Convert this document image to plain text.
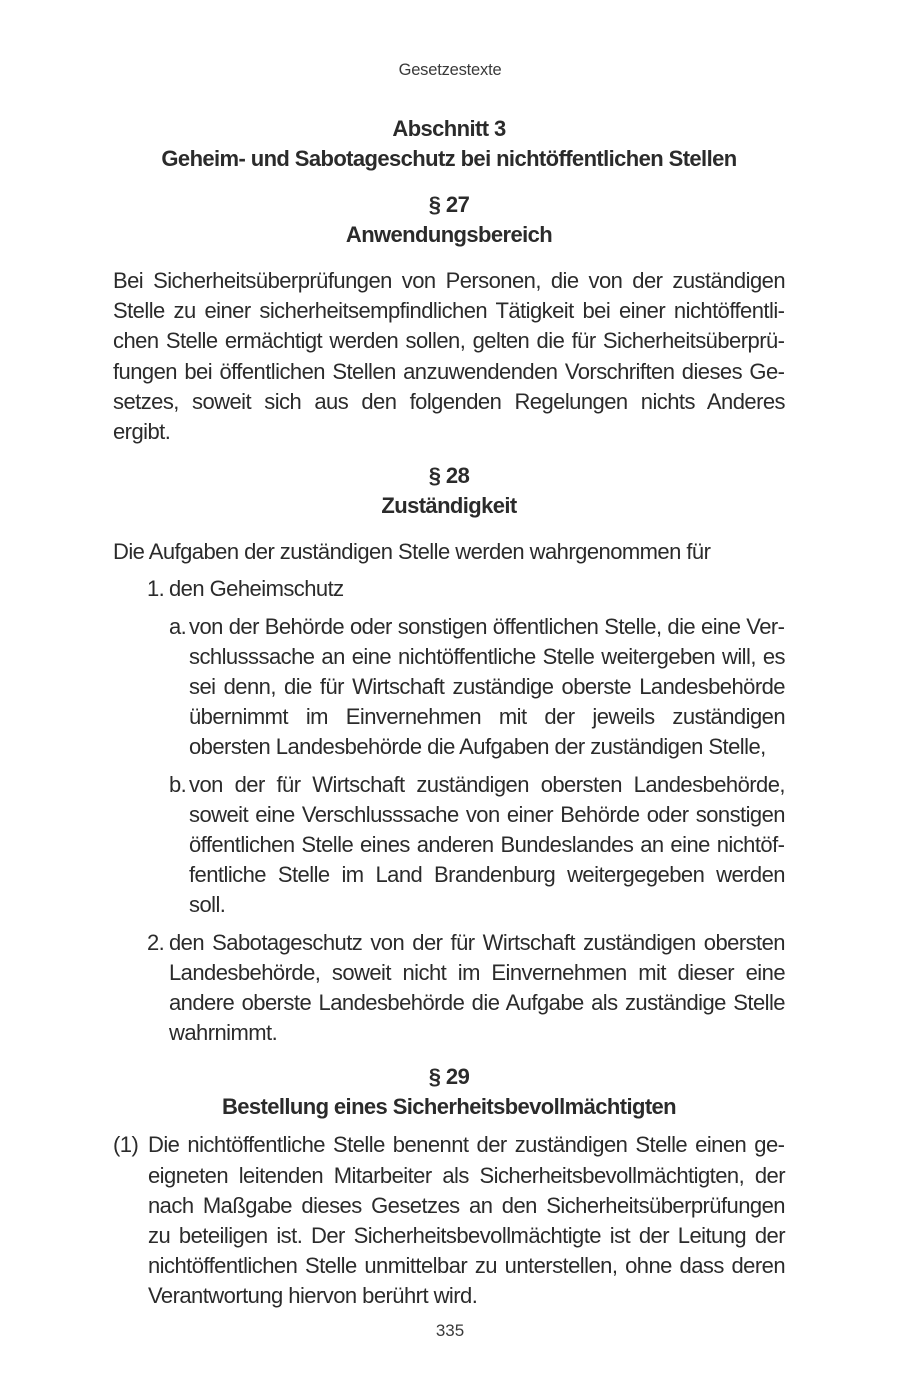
Gesetzestexte
Abschnitt 3
Geheim- und Sabotageschutz bei nichtöffentlichen Stellen
§ 27
Anwendungsbereich

Bei Sicherheitsüberprüfungen von Personen, die von der zuständigen Stelle zu einer sicherheitsempfindlichen Tätigkeit bei einer nichtöffentlichen Stelle ermächtigt werden sollen, gelten die für Sicherheitsüberprüfungen bei öffentlichen Stellen anzuwendenden Vorschriften dieses Gesetzes, soweit sich aus den folgenden Regelungen nichts Anderes ergibt.

§ 28
Zuständigkeit

Die Aufgaben der zuständigen Stelle werden wahrgenommen für

1. den Geheimschutz
a. von der Behörde oder sonstigen öffentlichen Stelle, die eine Verschlusssache an eine nichtöffentliche Stelle weitergeben will, es sei denn, die für Wirtschaft zuständige oberste Landesbehörde übernimmt im Einvernehmen mit der jeweils zuständigen obersten Landesbehörde die Aufgaben der zuständigen Stelle,
b. von der für Wirtschaft zuständigen obersten Landesbehörde, soweit eine Verschlusssache von einer Behörde oder sonstigen öffentlichen Stelle eines anderen Bundeslandes an eine nichtöffentliche Stelle im Land Brandenburg weitergegeben werden soll.
2. den Sabotageschutz von der für Wirtschaft zuständigen obersten Landesbehörde, soweit nicht im Einvernehmen mit dieser eine andere oberste Landesbehörde die Aufgabe als zuständige Stelle wahrnimmt.
§ 29
Bestellung eines Sicherheitsbevollmächtigten
(1) Die nichtöffentliche Stelle benennt der zuständigen Stelle einen geeigneten leitenden Mitarbeiter als Sicherheitsbevollmächtigten, der nach Maßgabe dieses Gesetzes an den Sicherheitsüberprüfungen zu beteiligen ist. Der Sicherheitsbevollmächtigte ist der Leitung der nichtöffentlichen Stelle unmittelbar zu unterstellen, ohne dass deren Verantwortung hiervon berührt wird.
335
